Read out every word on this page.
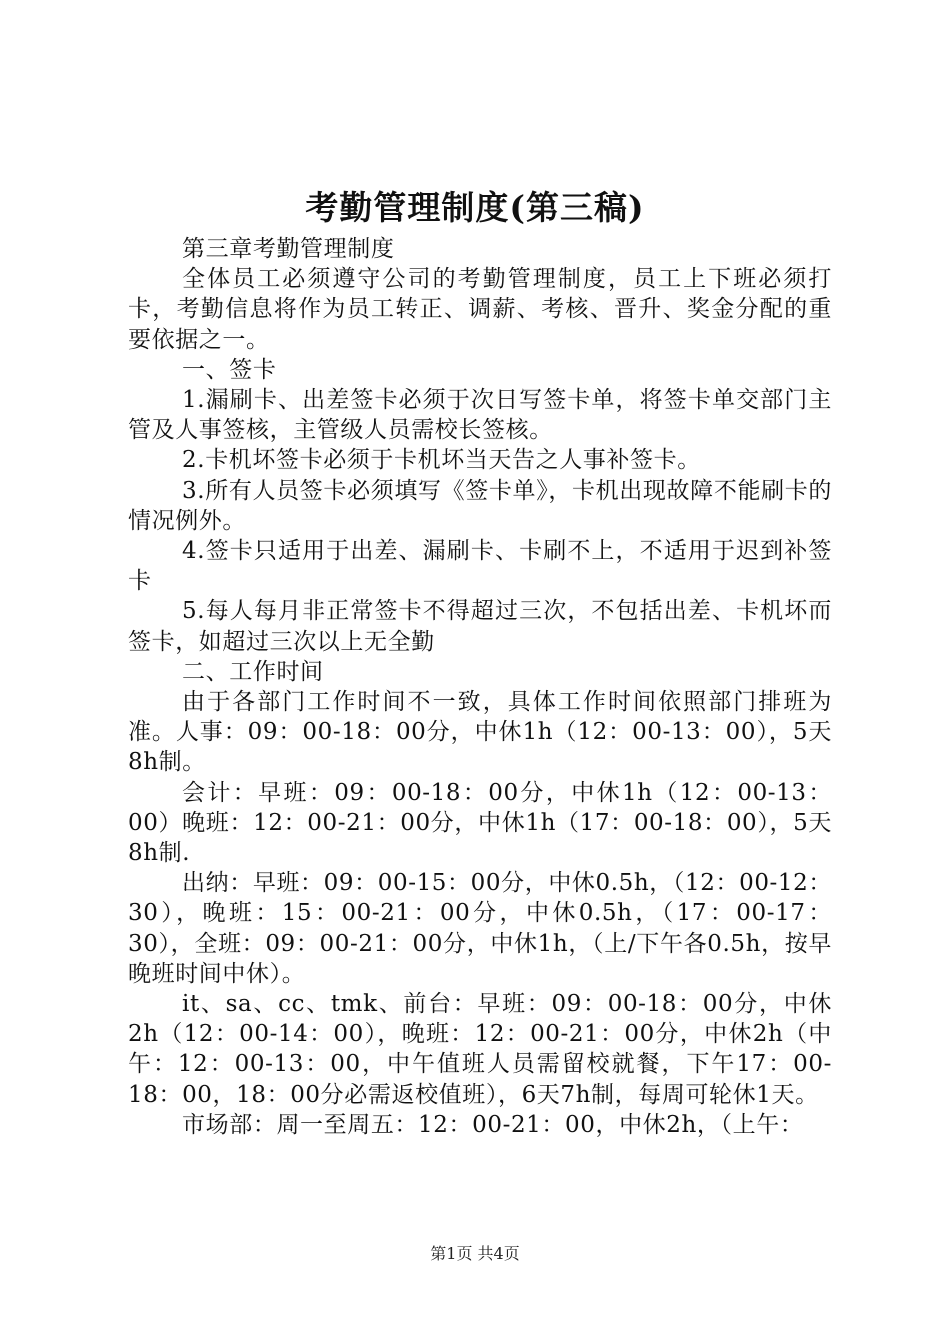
考勤管理制度(第三稿)

第三章考勤管理制度

全体员工必须遵守公司的考勤管理制度，员工上下班必须打卡，考勤信息将作为员工转正、调薪、考核、晋升、奖金分配的重要依据之一。

一、签卡

1.漏刷卡、出差签卡必须于次日写签卡单，将签卡单交部门主管及人事签核，主管级人员需校长签核。

2.卡机坏签卡必须于卡机坏当天告之人事补签卡。

3.所有人员签卡必须填写《签卡单》，卡机出现故障不能刷卡的情况例外。

4.签卡只适用于出差、漏刷卡、卡刷不上，不适用于迟到补签卡

5.每人每月非正常签卡不得超过三次，不包括出差、卡机坏而签卡，如超过三次以上无全勤

二、工作时间

由于各部门工作时间不一致，具体工作时间依照部门排班为准。人事：09：00-18：00分，中休1h（12：00-13：00），5天8h制。

会计：早班：09：00-18：00分，中休1h（12：00-13：00）晚班：12：00-21：00分，中休1h（17：00-18：00），5天8h制.

出纳：早班：09：00-15：00分，中休0.5h，（12：00-12：30），晚班：15：00-21：00分，中休0.5h，（17：00-17：30），全班：09：00-21：00分，中休1h，（上/下午各0.5h，按早晚班时间中休）。

it、sa、cc、tmk、前台：早班：09：00-18：00分，中休2h（12：00-14：00），晚班：12：00-21：00分，中休2h（中午：12：00-13：00，中午值班人员需留校就餐，下午17：00-18：00，18：00分必需返校值班），6天7h制，每周可轮休1天。

市场部：周一至周五：12：00-21：00，中休2h，（上午：

第1页 共4页
